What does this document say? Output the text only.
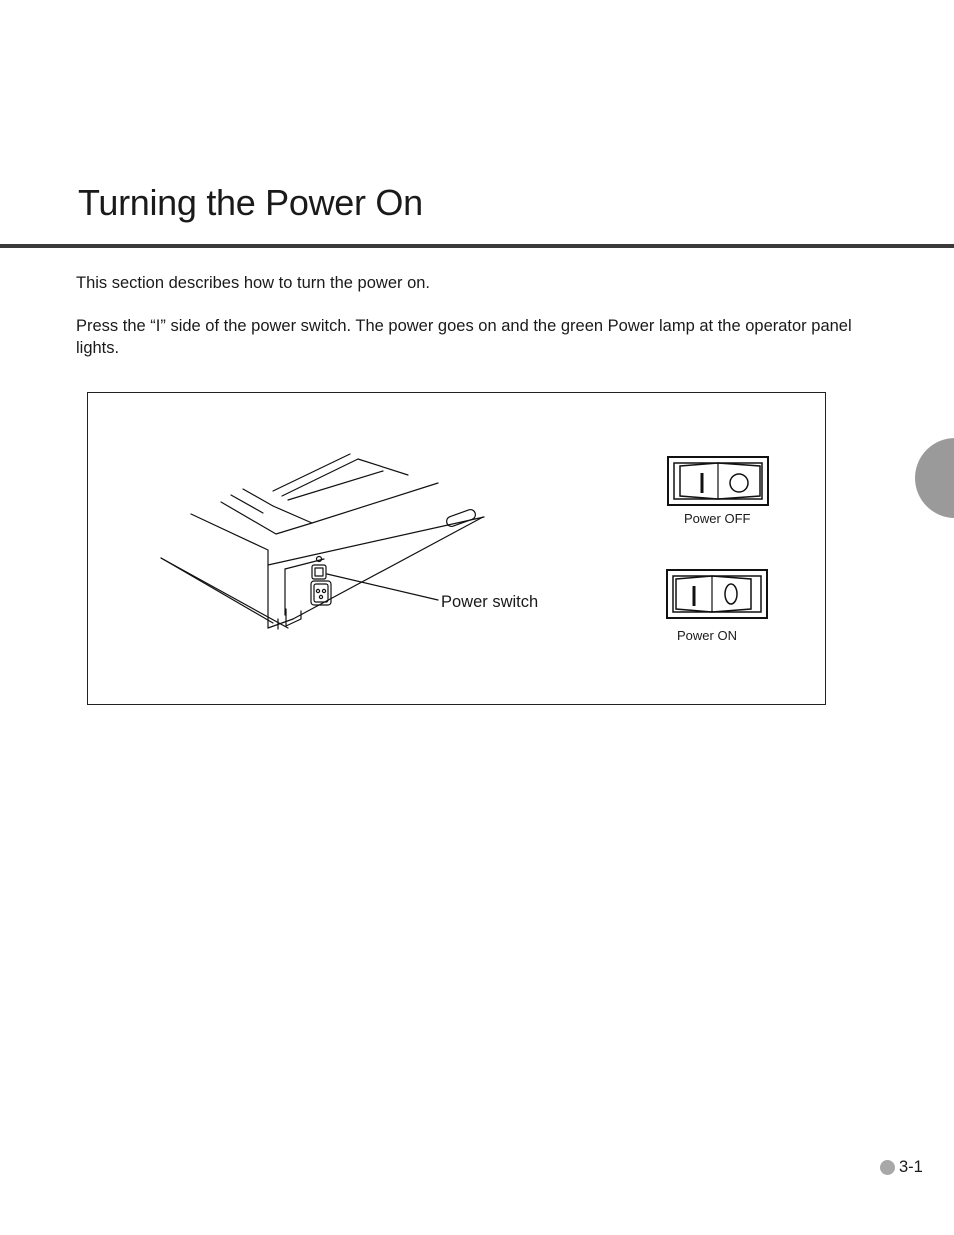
Turning the Power On

This section describes how to turn the power on.

Press the “I” side of the power switch. The power goes on and the green Power lamp at the operator panel lights.

Power switch

Power OFF

Power ON

3-1
